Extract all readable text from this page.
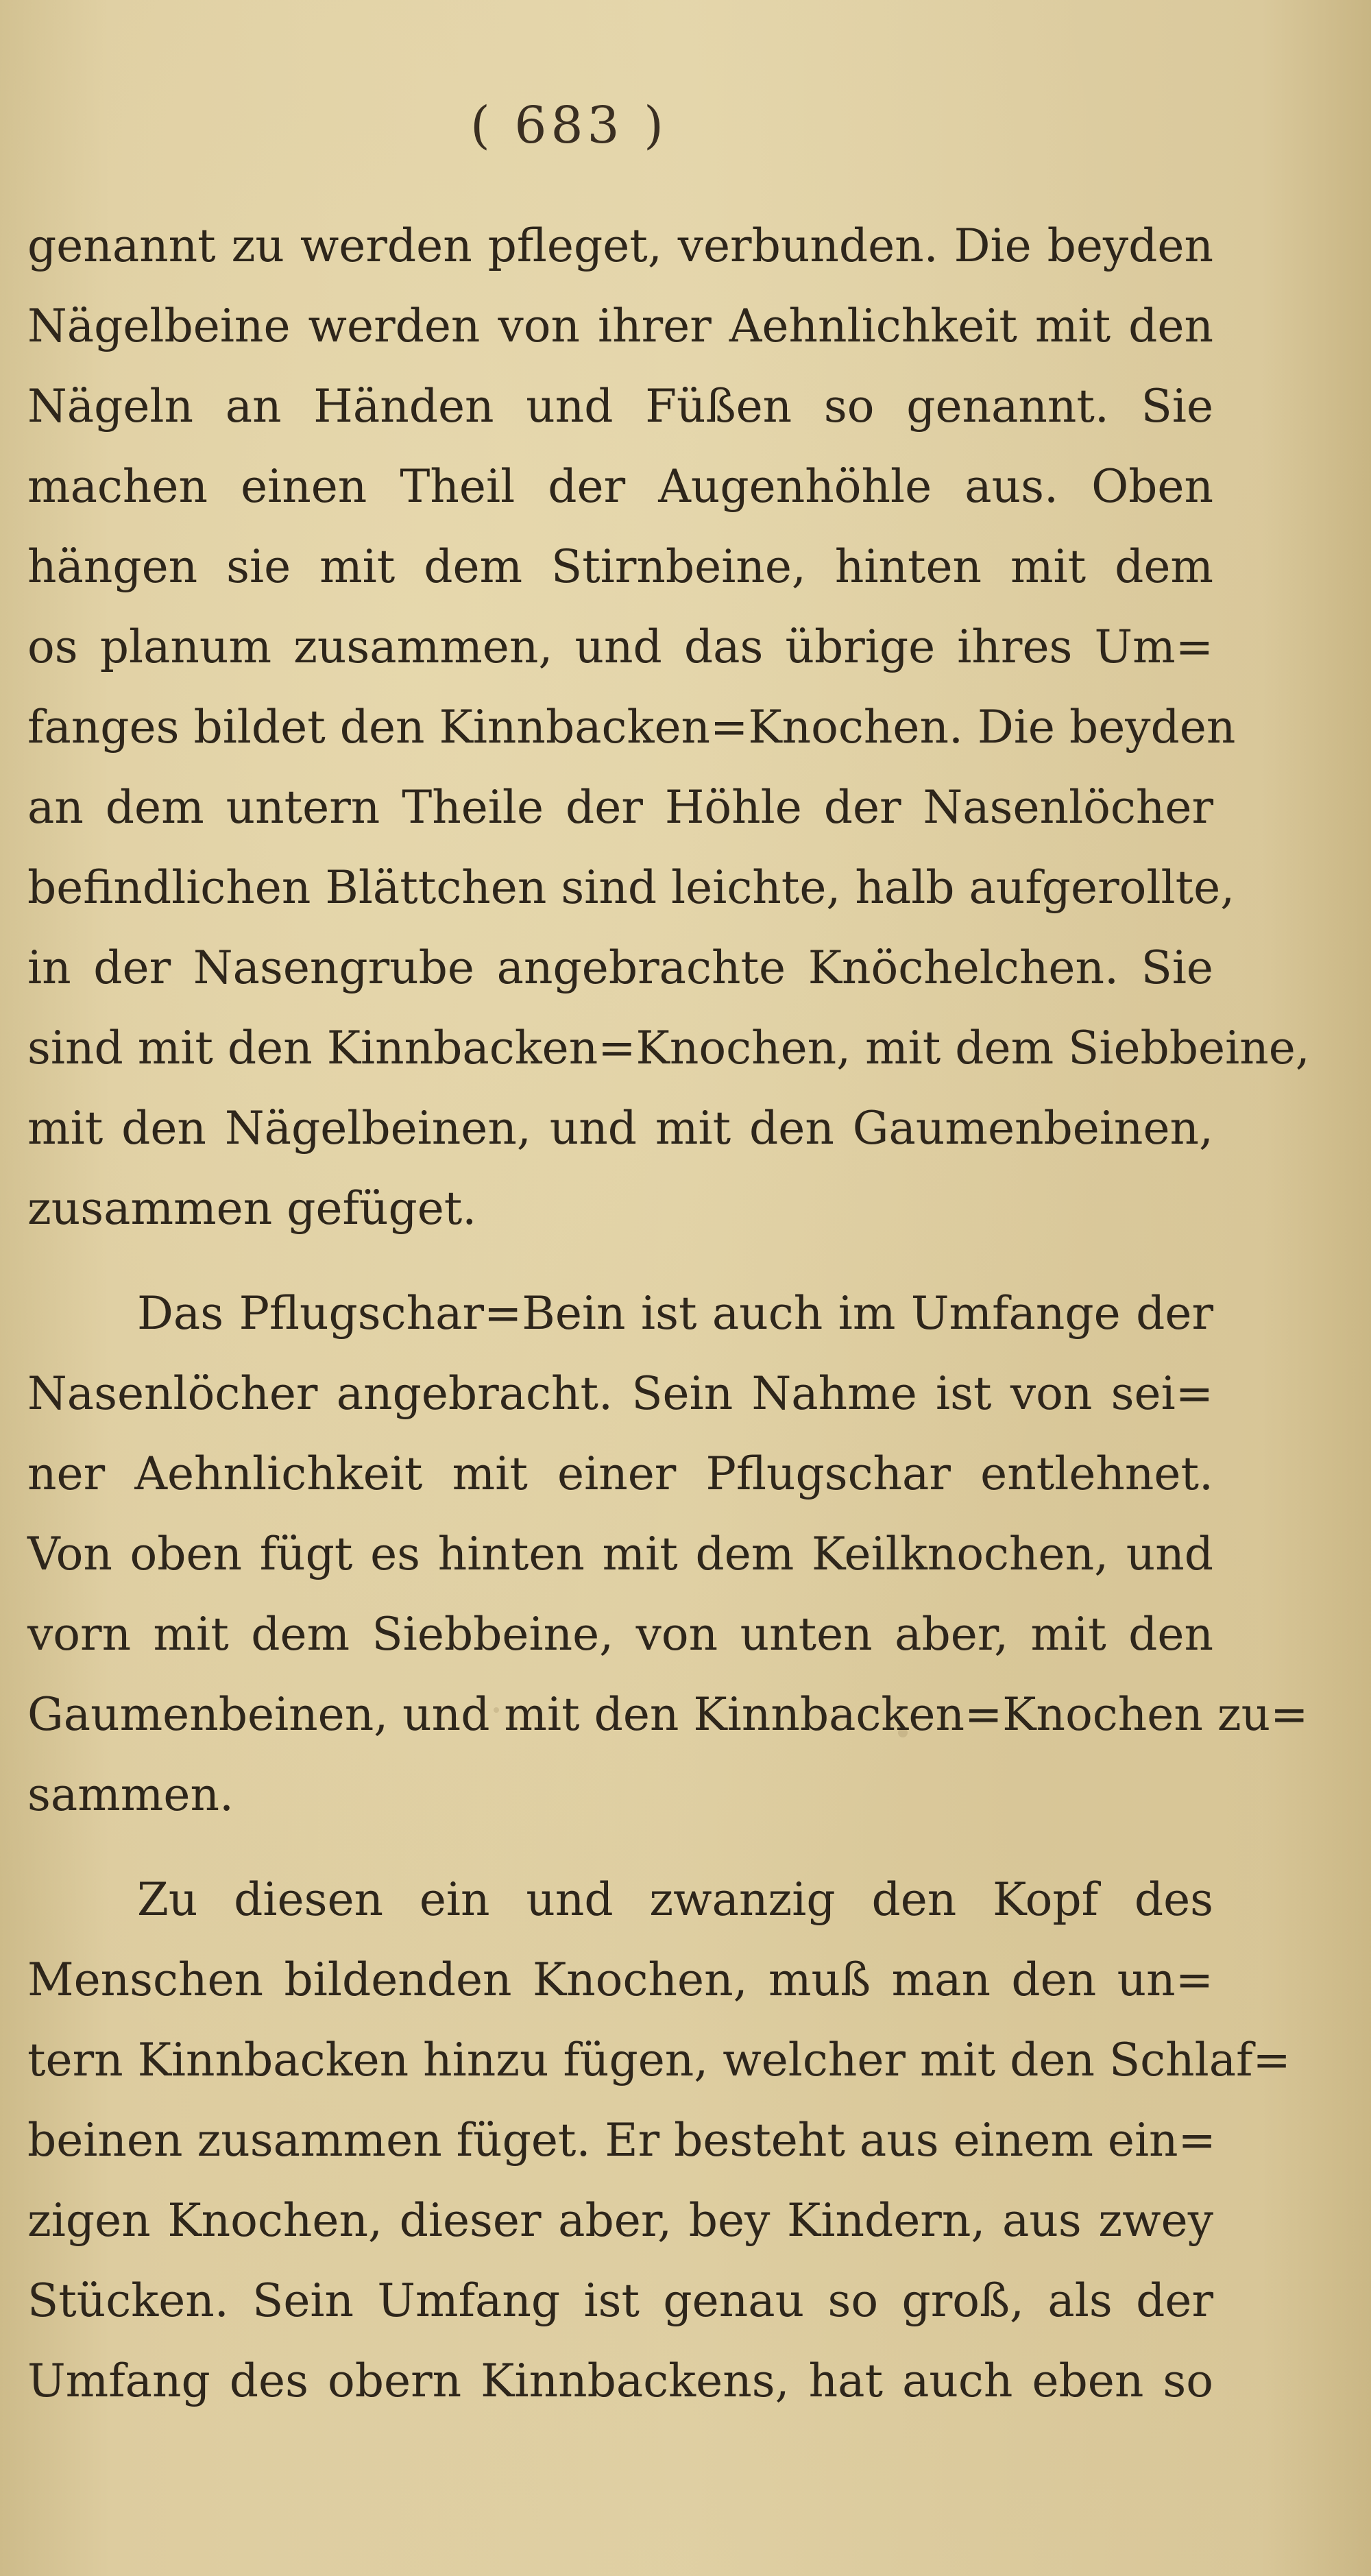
( 683 )
genannt zu werden pfleget, verbunden. Die beyden
Nägelbeine werden von ihrer Aehnlichkeit mit den
Nägeln an Händen und Füßen so genannt. Sie
machen einen Theil der Augenhöhle aus. Oben
hängen sie mit dem Stirnbeine, hinten mit dem
os planum zusammen, und das übrige ihres Um=
fanges bildet den Kinnbacken=Knochen. Die beyden
an dem untern Theile der Höhle der Nasenlöcher
befindlichen Blättchen sind leichte, halb aufgerollte,
in der Nasengrube angebrachte Knöchelchen. Sie
sind mit den Kinnbacken=Knochen, mit dem Siebbeine,
mit den Nägelbeinen, und mit den Gaumenbeinen,
zusammen gefüget.
Das Pflugschar=Bein ist auch im Umfange der
Nasenlöcher angebracht. Sein Nahme ist von sei=
ner Aehnlichkeit mit einer Pflugschar entlehnet.
Von oben fügt es hinten mit dem Keilknochen, und
vorn mit dem Siebbeine, von unten aber, mit den
Gaumenbeinen, und mit den Kinnbacken=Knochen zu=
sammen.
Zu diesen ein und zwanzig den Kopf des
Menschen bildenden Knochen, muß man den un=
tern Kinnbacken hinzu fügen, welcher mit den Schlaf=
beinen zusammen füget. Er besteht aus einem ein=
zigen Knochen, dieser aber, bey Kindern, aus zwey
Stücken. Sein Umfang ist genau so groß, als der
Umfang des obern Kinnbackens, hat auch eben so
